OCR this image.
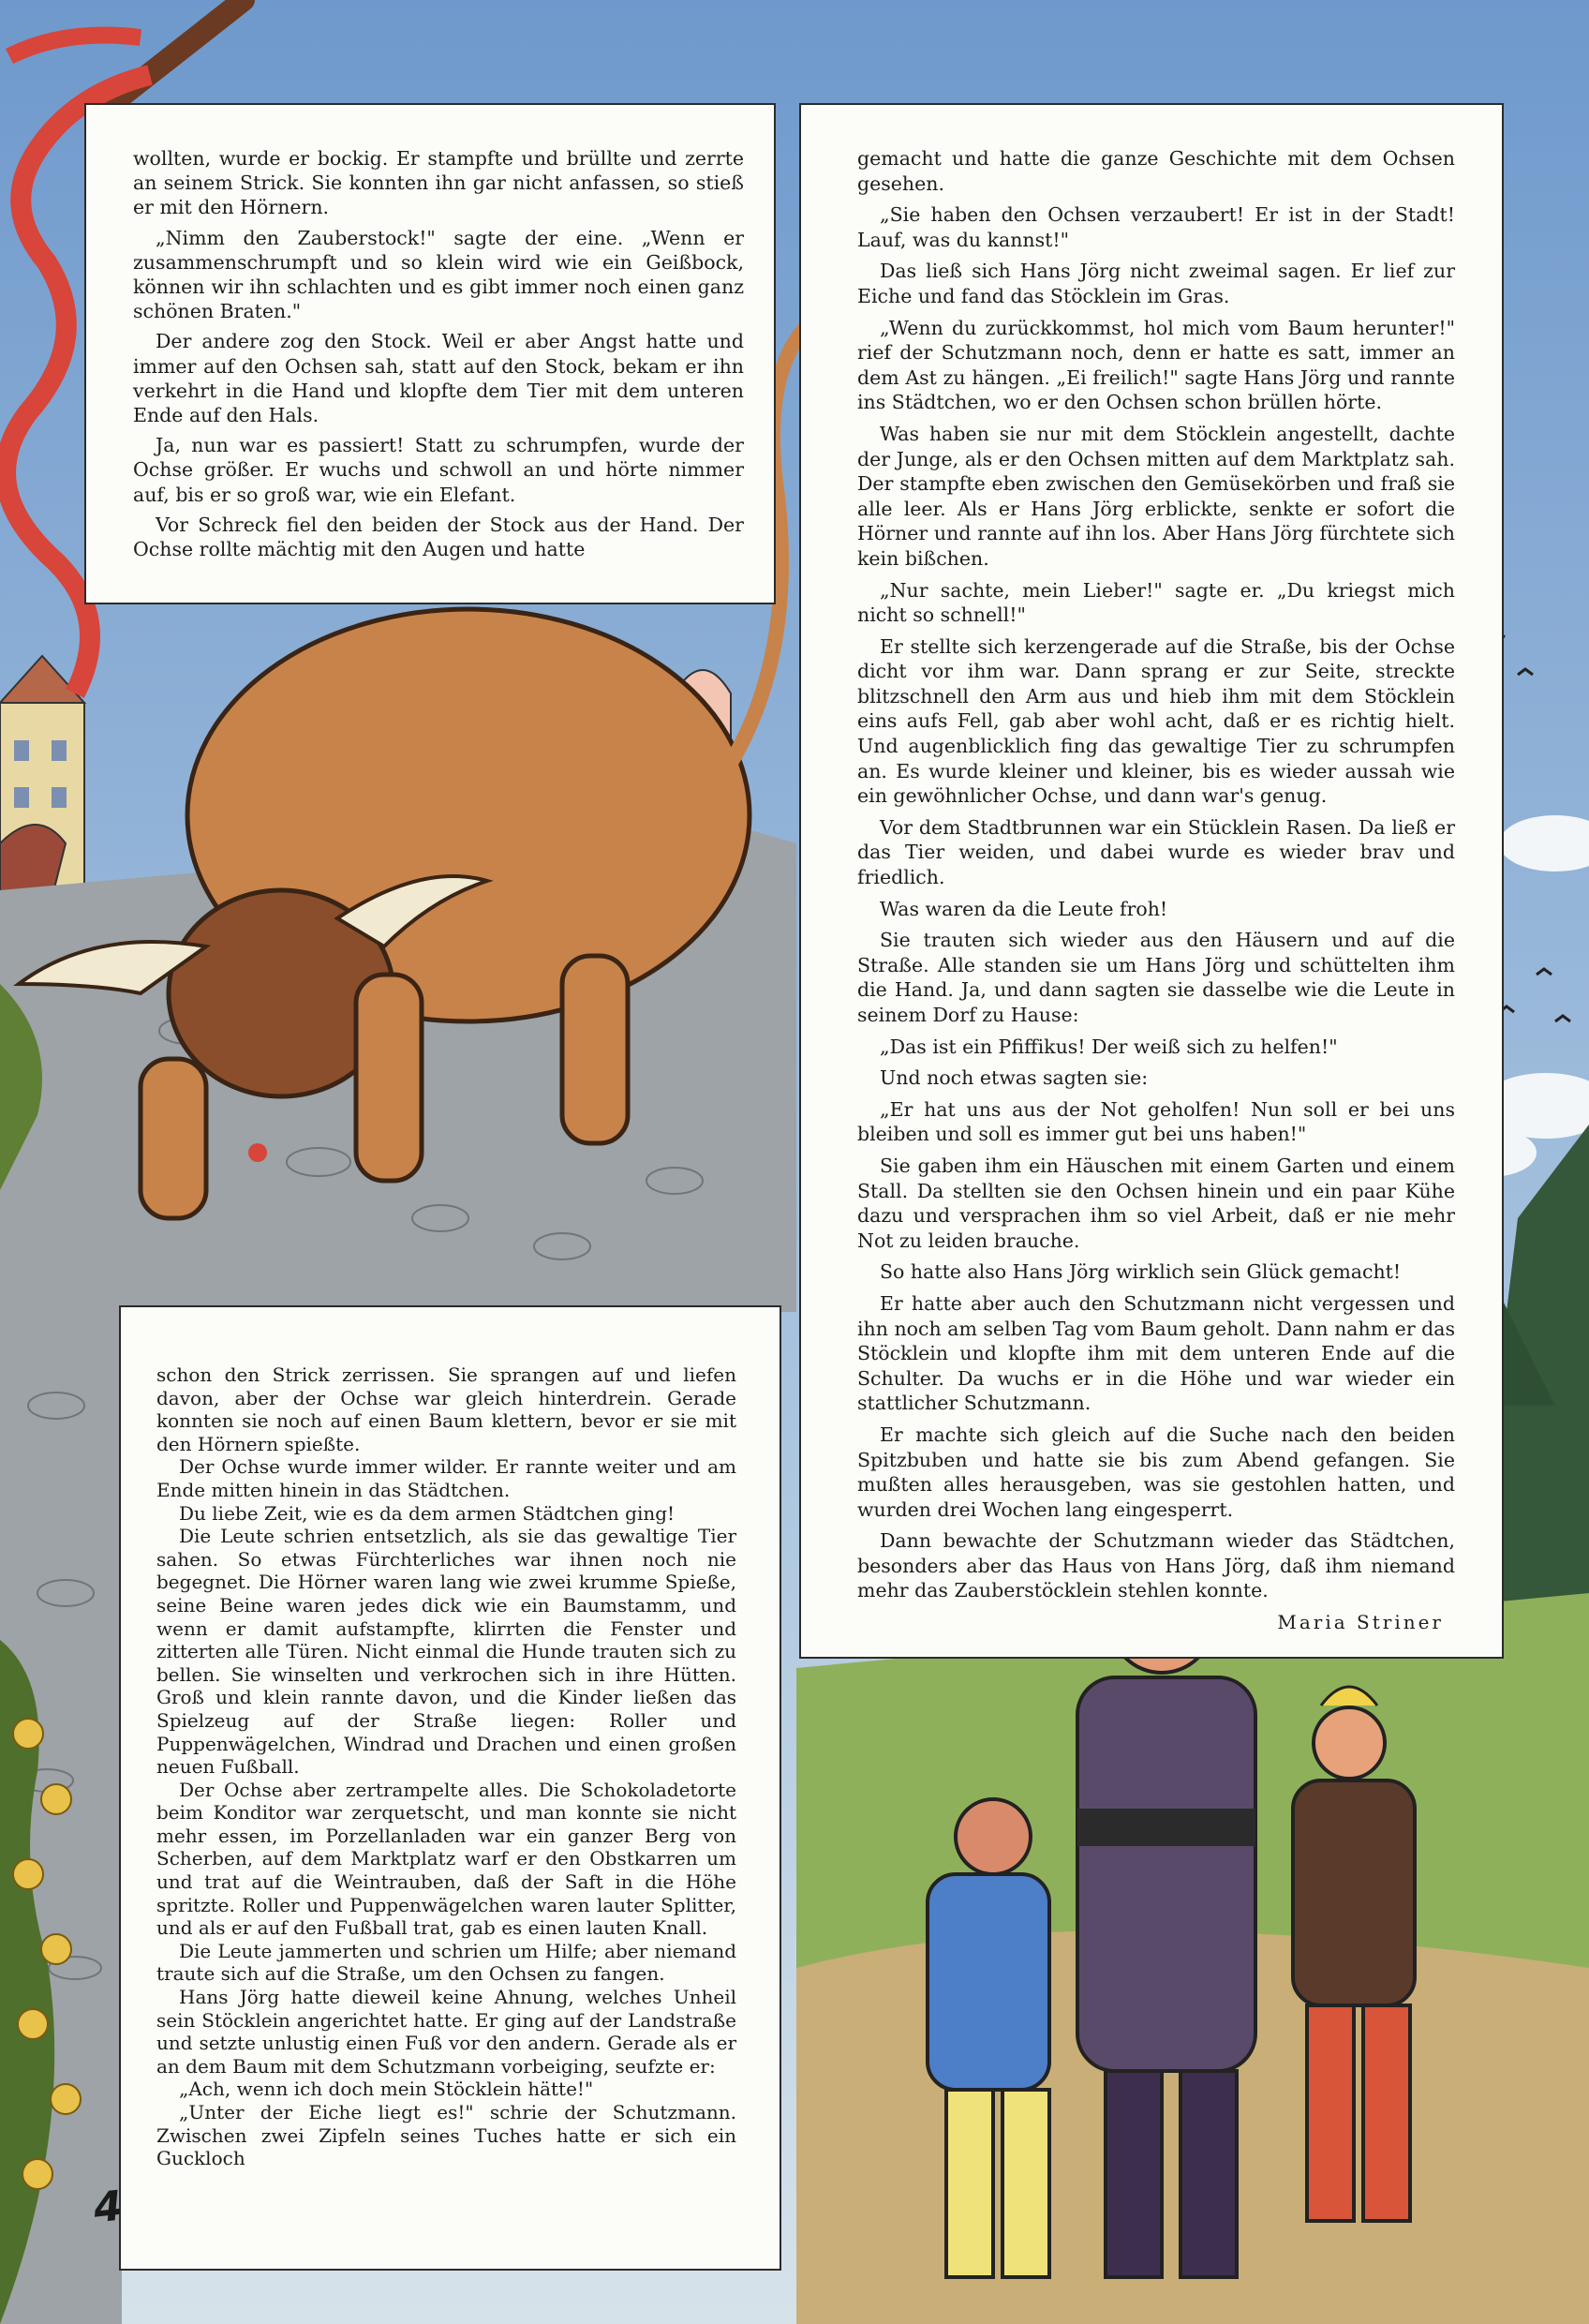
wollten, wurde er bockig. Er stampfte und brüllte und zerrte an seinem Strick. Sie konnten ihn gar nicht anfassen, so stieß er mit den Hörnern.

„Nimm den Zauberstock!" sagte der eine. „Wenn er zusammenschrumpft und so klein wird wie ein Geißbock, können wir ihn schlachten und es gibt immer noch einen ganz schönen Braten."

Der andere zog den Stock. Weil er aber Angst hatte und immer auf den Ochsen sah, statt auf den Stock, bekam er ihn verkehrt in die Hand und klopfte dem Tier mit dem unteren Ende auf den Hals.

Ja, nun war es passiert! Statt zu schrumpfen, wurde der Ochse größer. Er wuchs und schwoll an und hörte nimmer auf, bis er so groß war, wie ein Elefant.

Vor Schreck fiel den beiden der Stock aus der Hand. Der Ochse rollte mächtig mit den Augen und hatte

schon den Strick zerrissen. Sie sprangen auf und liefen davon, aber der Ochse war gleich hinterdrein. Gerade konnten sie noch auf einen Baum klettern, bevor er sie mit den Hörnern spießte.

Der Ochse wurde immer wilder. Er rannte weiter und am Ende mitten hinein in das Städtchen.

Du liebe Zeit, wie es da dem armen Städtchen ging!

Die Leute schrien entsetzlich, als sie das gewaltige Tier sahen. So etwas Fürchterliches war ihnen noch nie begegnet. Die Hörner waren lang wie zwei krumme Spieße, seine Beine waren jedes dick wie ein Baumstamm, und wenn er damit aufstampfte, klirrten die Fenster und zitterten alle Türen. Nicht einmal die Hunde trauten sich zu bellen. Sie winselten und verkrochen sich in ihre Hütten. Groß und klein rannte davon, und die Kinder ließen das Spielzeug auf der Straße liegen: Roller und Puppenwägelchen, Windrad und Drachen und einen großen neuen Fußball.

Der Ochse aber zertrampelte alles. Die Schokoladetorte beim Konditor war zerquetscht, und man konnte sie nicht mehr essen, im Porzellanladen war ein ganzer Berg von Scherben, auf dem Marktplatz warf er den Obstkarren um und trat auf die Weintrauben, daß der Saft in die Höhe spritzte. Roller und Puppenwägelchen waren lauter Splitter, und als er auf den Fußball trat, gab es einen lauten Knall.

Die Leute jammerten und schrien um Hilfe; aber niemand traute sich auf die Straße, um den Ochsen zu fangen.

Hans Jörg hatte dieweil keine Ahnung, welches Unheil sein Stöcklein angerichtet hatte. Er ging auf der Landstraße und setzte unlustig einen Fuß vor den andern. Gerade als er an dem Baum mit dem Schutzmann vorbeiging, seufzte er:

„Ach, wenn ich doch mein Stöcklein hätte!"

„Unter der Eiche liegt es!" schrie der Schutzmann. Zwischen zwei Zipfeln seines Tuches hatte er sich ein Guckloch

gemacht und hatte die ganze Geschichte mit dem Ochsen gesehen.

„Sie haben den Ochsen verzaubert! Er ist in der Stadt! Lauf, was du kannst!"

Das ließ sich Hans Jörg nicht zweimal sagen. Er lief zur Eiche und fand das Stöcklein im Gras.

„Wenn du zurückkommst, hol mich vom Baum herunter!" rief der Schutzmann noch, denn er hatte es satt, immer an dem Ast zu hängen. „Ei freilich!" sagte Hans Jörg und rannte ins Städtchen, wo er den Ochsen schon brüllen hörte.

Was haben sie nur mit dem Stöcklein angestellt, dachte der Junge, als er den Ochsen mitten auf dem Marktplatz sah. Der stampfte eben zwischen den Gemüsekörben und fraß sie alle leer. Als er Hans Jörg erblickte, senkte er sofort die Hörner und rannte auf ihn los. Aber Hans Jörg fürchtete sich kein bißchen.

„Nur sachte, mein Lieber!" sagte er. „Du kriegst mich nicht so schnell!"

Er stellte sich kerzengerade auf die Straße, bis der Ochse dicht vor ihm war. Dann sprang er zur Seite, streckte blitzschnell den Arm aus und hieb ihm mit dem Stöcklein eins aufs Fell, gab aber wohl acht, daß er es richtig hielt. Und augenblicklich fing das gewaltige Tier zu schrumpfen an. Es wurde kleiner und kleiner, bis es wieder aussah wie ein gewöhnlicher Ochse, und dann war's genug.

Vor dem Stadtbrunnen war ein Stücklein Rasen. Da ließ er das Tier weiden, und dabei wurde es wieder brav und friedlich.

Was waren da die Leute froh!

Sie trauten sich wieder aus den Häusern und auf die Straße. Alle standen sie um Hans Jörg und schüttelten ihm die Hand. Ja, und dann sagten sie dasselbe wie die Leute in seinem Dorf zu Hause:

„Das ist ein Pfiffikus! Der weiß sich zu helfen!"

Und noch etwas sagten sie:

„Er hat uns aus der Not geholfen! Nun soll er bei uns bleiben und soll es immer gut bei uns haben!"

Sie gaben ihm ein Häuschen mit einem Garten und einem Stall. Da stellten sie den Ochsen hinein und ein paar Kühe dazu und versprachen ihm so viel Arbeit, daß er nie mehr Not zu leiden brauche.

So hatte also Hans Jörg wirklich sein Glück gemacht!

Er hatte aber auch den Schutzmann nicht vergessen und ihn noch am selben Tag vom Baum geholt. Dann nahm er das Stöcklein und klopfte ihm mit dem unteren Ende auf die Schulter. Da wuchs er in die Höhe und war wieder ein stattlicher Schutzmann.

Er machte sich gleich auf die Suche nach den beiden Spitzbuben und hatte sie bis zum Abend gefangen. Sie mußten alles herausgeben, was sie gestohlen hatten, und wurden drei Wochen lang eingesperrt.

Dann bewachte der Schutzmann wieder das Städtchen, besonders aber das Haus von Hans Jörg, daß ihm niemand mehr das Zauberstöcklein stehlen konnte.

Maria Striner
4
